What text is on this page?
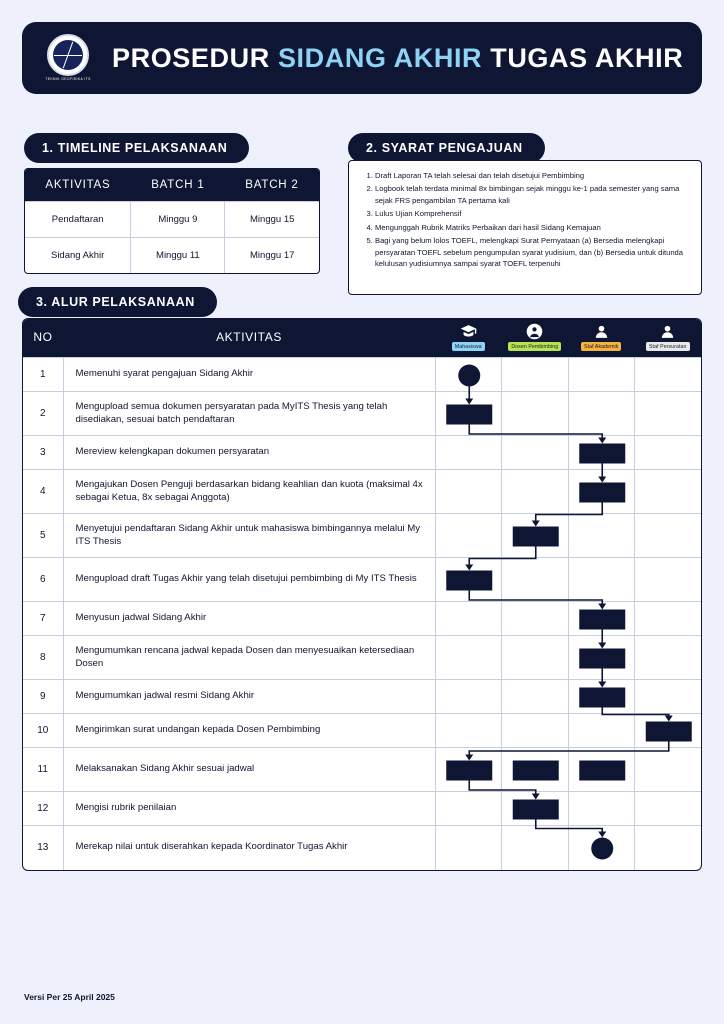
TEKNIK GEOFISIKA ITS
PROSEDUR SIDANG AKHIR TUGAS AKHIR
1. TIMELINE PELAKSANAAN
AKTIVITAS	BATCH 1	BATCH 2
Pendaftaran	Minggu 9	Minggu 15
Sidang Akhir	Minggu 11	Minggu 17
2. SYARAT PENGAJUAN
1. Draft Laporan TA telah selesai dan telah disetujui Pembimbing
2. Logbook telah terdata minimal 8x bimbingan sejak minggu ke-1 pada semester yang sama sejak FRS pengambilan TA pertama kali
3. Lulus Ujian Komprehensif
4. Mengunggah Rubrik Matriks Perbaikan dari hasil Sidang Kemajuan
5. Bagi yang belum lolos TOEFL, melengkapi Surat Pernyataan (a) Bersedia melengkapi persyaratan TOEFL sebelum pengumpulan syarat yudisium, dan (b) Bersedia untuk ditunda kelulusan yudisiumnya sampai syarat TOEFL terpenuhi
3. ALUR PELAKSANAAN
NO	AKTIVITAS	Mahasiswa	Dosen Pembimbing	Staf Akademik	Staf Persuratan

1	Memenuhi syarat pengajuan Sidang Akhir				
2	Mengupload semua dokumen persyaratan pada MyITS Thesis yang telah disediakan, sesuai batch pendaftaran				
3	Mereview kelengkapan dokumen persyaratan				
4	Mengajukan Dosen Penguji berdasarkan bidang keahlian dan kuota (maksimal 4x sebagai Ketua, 8x sebagai Anggota)				
5	Menyetujui pendaftaran Sidang Akhir untuk mahasiswa bimbingannya melalui My ITS Thesis				
6	Mengupload draft Tugas Akhir yang telah disetujui pembimbing di My ITS Thesis				
7	Menyusun jadwal Sidang Akhir				
8	Mengumumkan rencana jadwal kepada Dosen dan menyesuaikan ketersediaan Dosen				
9	Mengumumkan jadwal resmi Sidang Akhir				
10	Mengirimkan surat undangan kepada Dosen Pembimbing				
11	Melaksanakan Sidang Akhir sesuai jadwal				
12	Mengisi rubrik penilaian				
13	Merekap nilai untuk diserahkan kepada Koordinator Tugas Akhir				
Versi Per 25 April 2025
